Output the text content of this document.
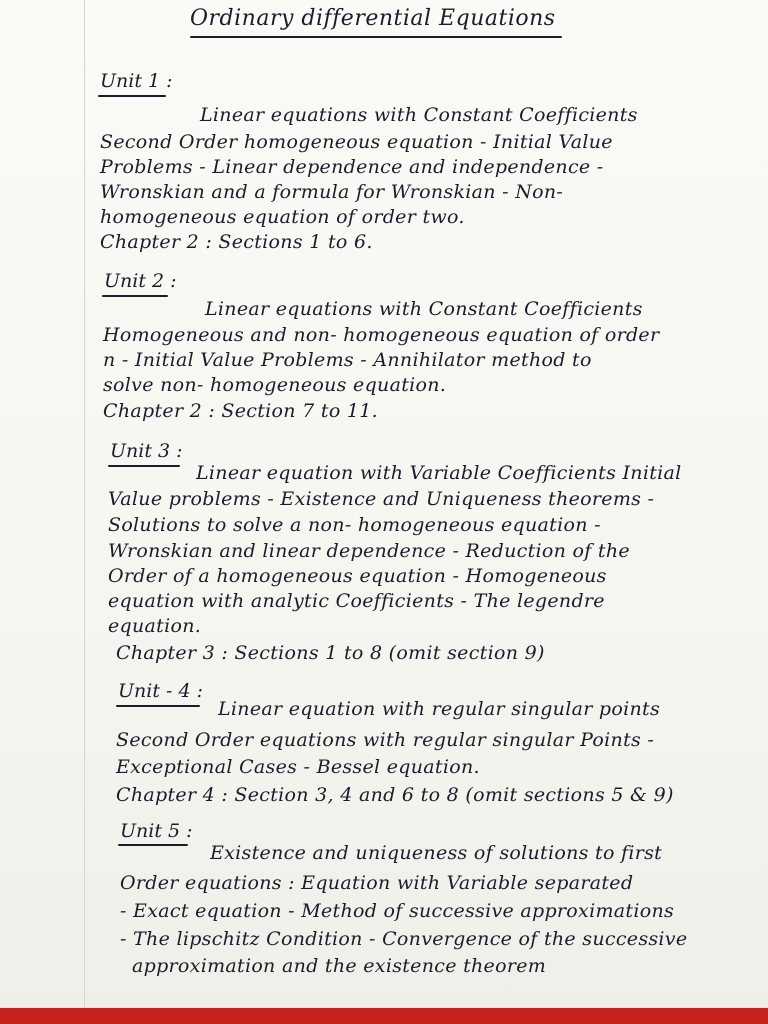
Ordinary differential Equations
Unit 1 :
Linear equations with Constant Coefficients
Second Order homogeneous equation - Initial Value
Problems - Linear dependence and independence -
Wronskian and a formula for Wronskian - Non-
homogeneous equation of order two.
Chapter 2 : Sections 1 to 6.
Unit 2 :
Linear equations with Constant Coefficients
Homogeneous and non- homogeneous equation of order
n - Initial Value Problems - Annihilator method to
solve non- homogeneous equation.
Chapter 2 : Section 7 to 11.
Unit 3 :
Linear equation with Variable Coefficients Initial
Value problems - Existence and Uniqueness theorems -
Solutions to solve a non- homogeneous equation -
Wronskian and linear dependence - Reduction of the
Order of a homogeneous equation - Homogeneous
equation with analytic Coefficients - The legendre
equation.
Chapter 3 : Sections 1 to 8 (omit section 9)
Unit - 4 :
Linear equation with regular singular points
Second Order equations with regular singular Points -
Exceptional Cases - Bessel equation.
Chapter 4 : Section 3, 4 and 6 to 8 (omit sections 5 & 9)
Unit 5 :
Existence and uniqueness of solutions to first
Order equations : Equation with Variable separated
- Exact equation - Method of successive approximations
- The lipschitz Condition - Convergence of the successive
approximation and the existence theorem
